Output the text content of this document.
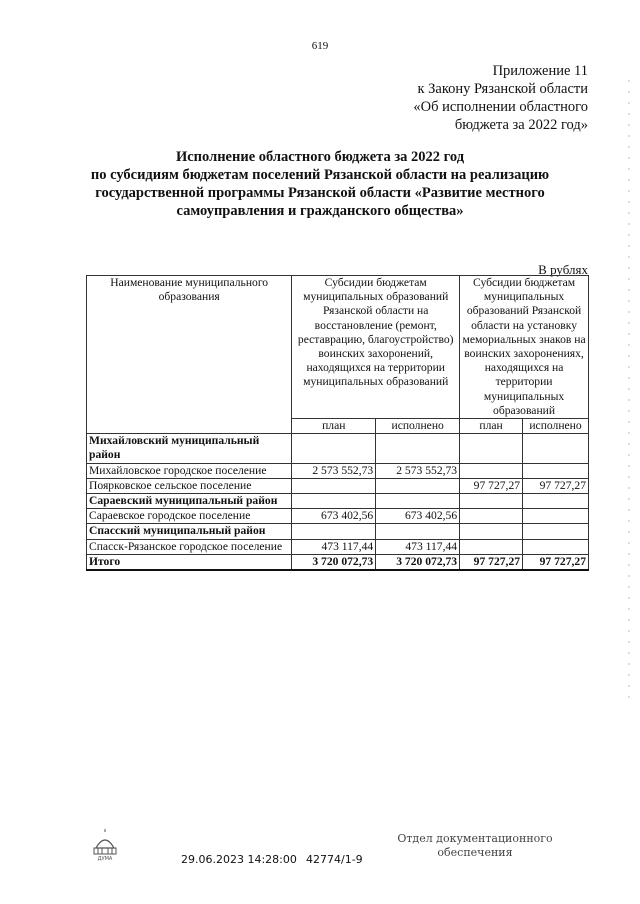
619
Приложение 11
к Закону Рязанской области
«Об исполнении областного
бюджета за 2022 год»
Исполнение областного бюджета за 2022 год
по субсидиям бюджетам поселений Рязанской области на реализацию
государственной программы Рязанской области «Развитие местного
самоуправления и гражданского общества»
В рублях
Наименование муниципального образования	Субсидии бюджетам муниципальных образований Рязанской области на восстановление (ремонт, реставрацию, благоустройство) воинских захоронений, находящихся на территории муниципальных образований		Субсидии бюджетам муниципальных образований Рязанской области на установку мемориальных знаков на воинских захоронениях, находящихся на территории муниципальных образований	
	план	исполнено	план	исполнено
Михайловский муниципальный район				
Михайловское городское поселение	2 573 552,73	2 573 552,73		
Поярковское сельское поселение			97 727,27	97 727,27
Сараевский муниципальный район				
Сараевское городское поселение	673 402,56	673 402,56		
Спасский муниципальный район				
Спасск-Рязанское городское поселение	473 117,44	473 117,44		
Итого	3 720 072,73	3 720 072,73	97 727,27	97 727,27
ДУМА	29.06.2023 14:28:00 42774/1-9
Отдел документационного
обеспечения
